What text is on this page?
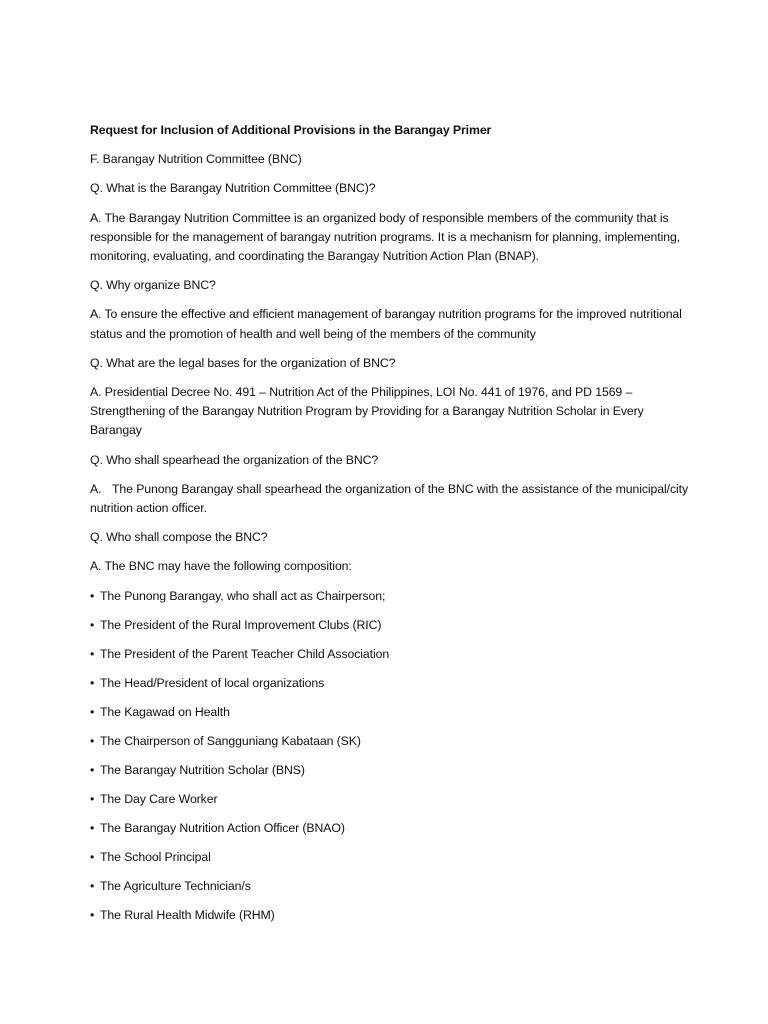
Request for Inclusion of Additional Provisions in the Barangay Primer

F. Barangay Nutrition Committee (BNC)

Q. What is the Barangay Nutrition Committee (BNC)?

A. The Barangay Nutrition Committee is an organized body of responsible members of the community that is responsible for the management of barangay nutrition programs. It is a mechanism for planning, implementing, monitoring, evaluating, and coordinating the Barangay Nutrition Action Plan (BNAP).

Q. Why organize BNC?

A. To ensure the effective and efficient management of barangay nutrition programs for the improved nutritional status and the promotion of health and well being of the members of the community

Q. What are the legal bases for the organization of BNC?

A. Presidential Decree No. 491 – Nutrition Act of the Philippines, LOI No. 441 of 1976, and PD 1569 – Strengthening of the Barangay Nutrition Program by Providing for a Barangay Nutrition Scholar in Every Barangay

Q. Who shall spearhead the organization of the BNC?

A. The Punong Barangay shall spearhead the organization of the BNC with the assistance of the municipal/city nutrition action officer.

Q. Who shall compose the BNC?

A. The BNC may have the following composition:

• The Punong Barangay, who shall act as Chairperson;
• The President of the Rural Improvement Clubs (RIC)
• The President of the Parent Teacher Child Association
• The Head/President of local organizations
• The Kagawad on Health
• The Chairperson of Sangguniang Kabataan (SK)
• The Barangay Nutrition Scholar (BNS)
• The Day Care Worker
• The Barangay Nutrition Action Officer (BNAO)
• The School Principal
• The Agriculture Technician/s
• The Rural Health Midwife (RHM)
